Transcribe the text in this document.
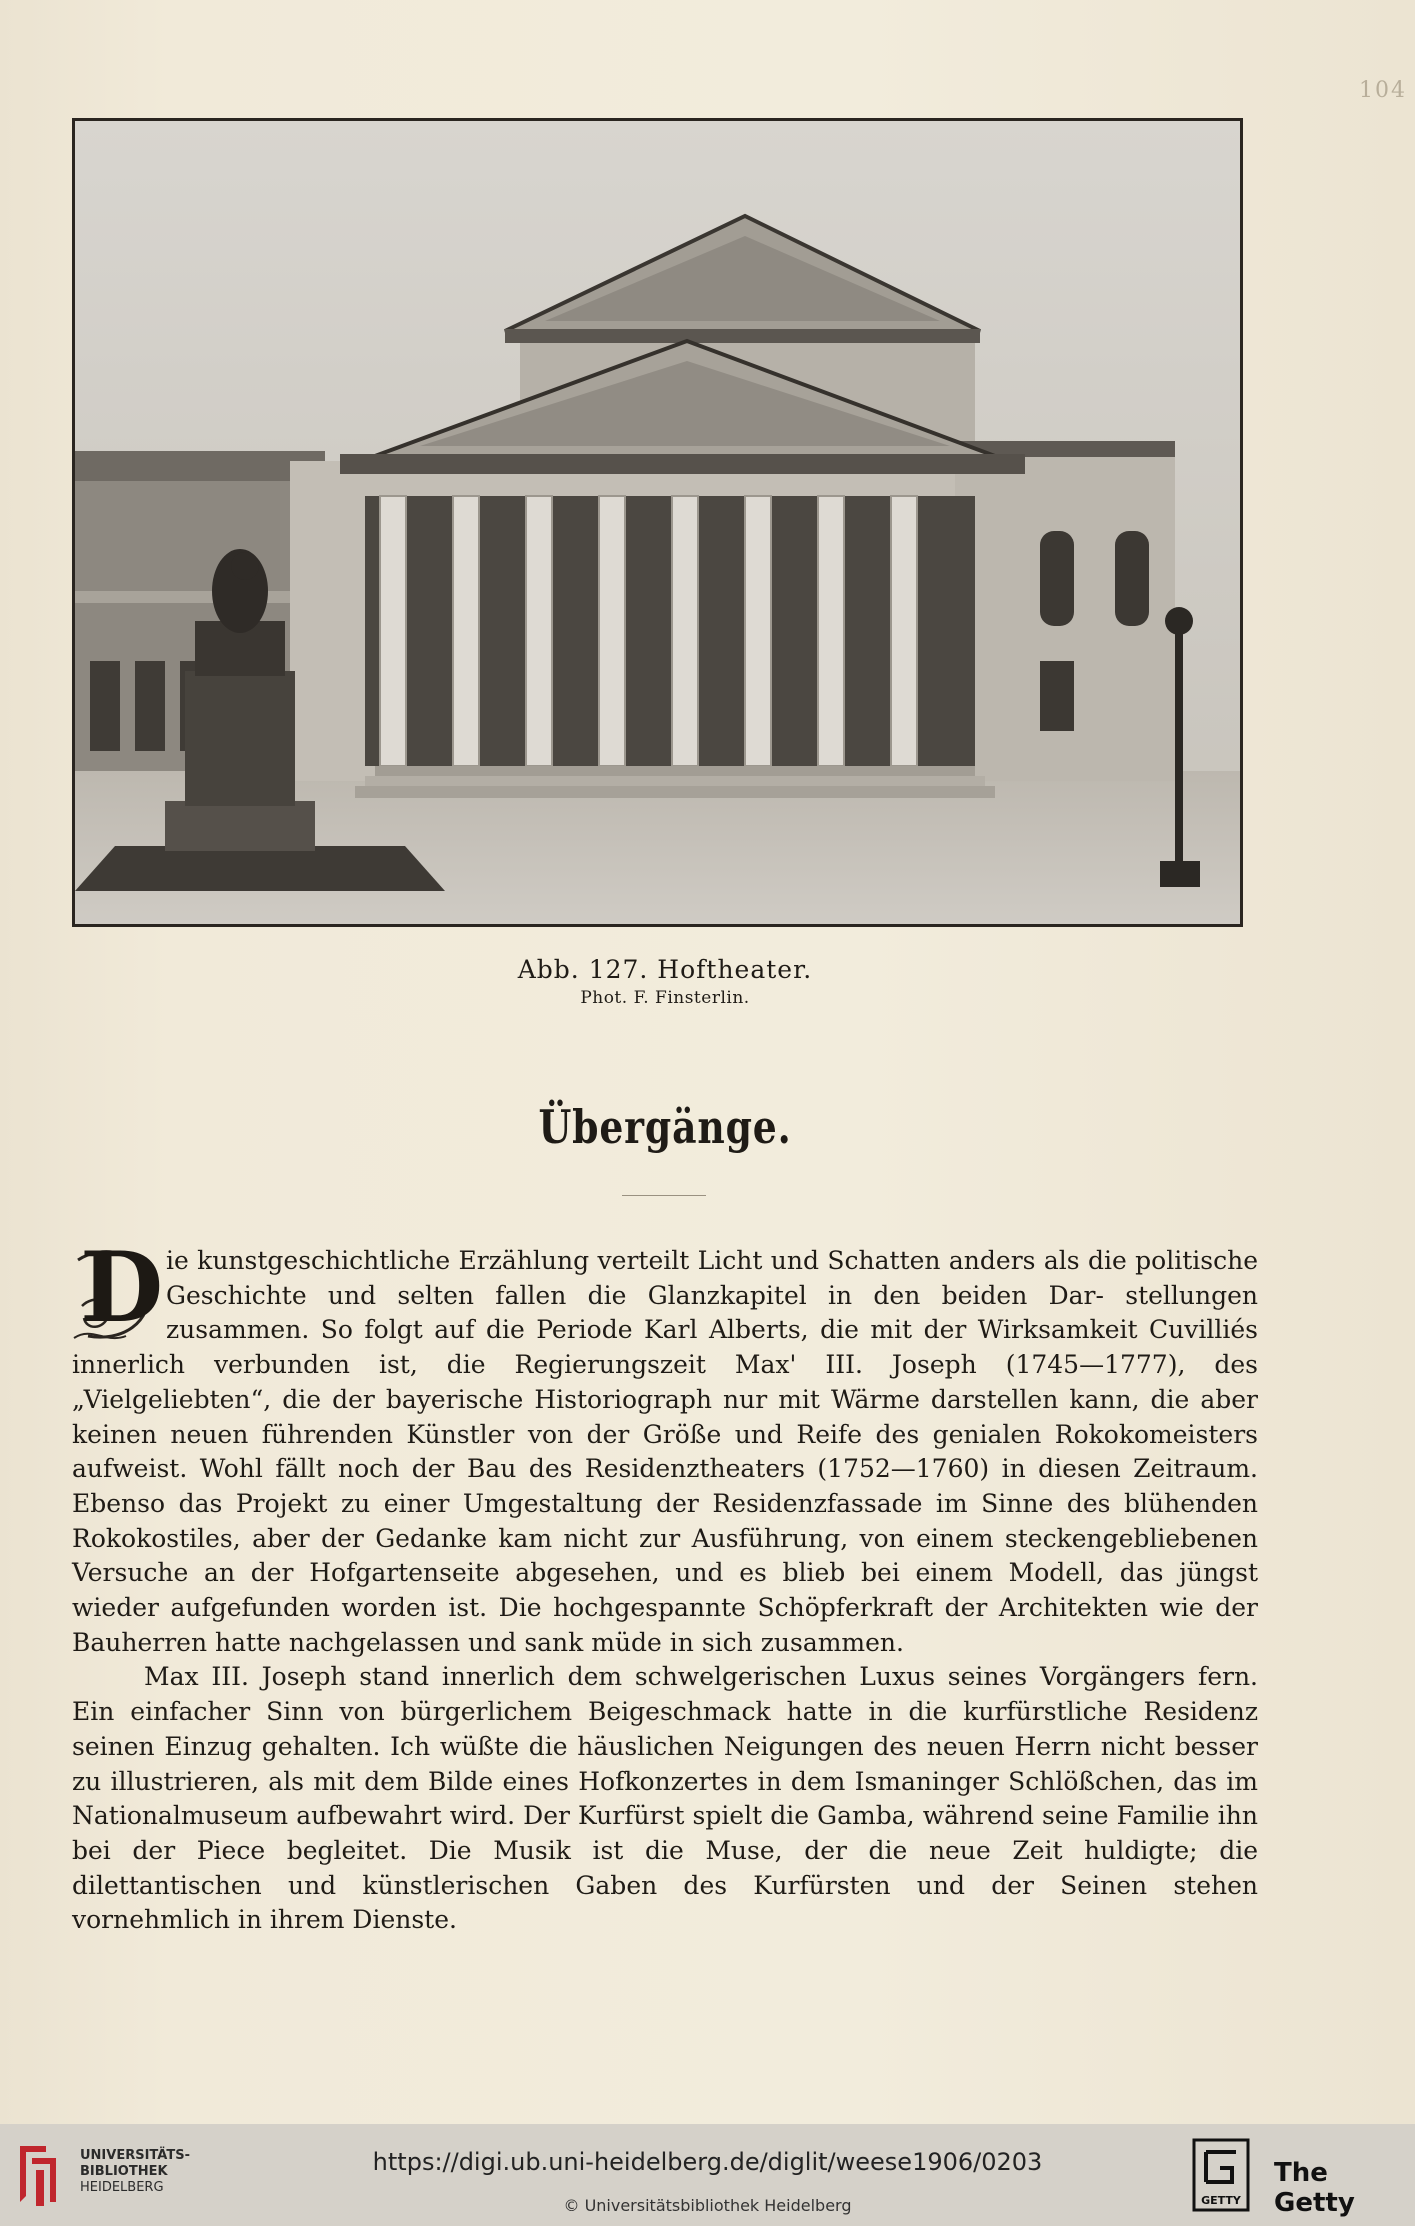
104
Abb. 127. Hoftheater.
Phot. F. Finsterlin.
Übergänge.

D ie kunstgeschichtliche Erzählung verteilt Licht und Schatten anders als die politische Geschichte und selten fallen die Glanzkapitel in den beiden Dar- stellungen zusammen. So folgt auf die Periode Karl Alberts, die mit der Wirksamkeit Cuvilliés innerlich verbunden ist, die Regierungszeit Max' III. Joseph (1745—1777), des „Vielgeliebten“, die der bayerische Historiograph nur mit Wärme darstellen kann, die aber keinen neuen führenden Künstler von der Größe und Reife des genialen Rokokomeisters aufweist. Wohl fällt noch der Bau des Residenztheaters (1752—1760) in diesen Zeitraum. Ebenso das Projekt zu einer Umgestaltung der Residenzfassade im Sinne des blühenden Rokokostiles, aber der Gedanke kam nicht zur Ausführung, von einem steckengebliebenen Versuche an der Hofgartenseite abgesehen, und es blieb bei einem Modell, das jüngst wieder aufgefunden worden ist. Die hochgespannte Schöpferkraft der Architekten wie der Bauherren hatte nachgelassen und sank müde in sich zusammen.

Max III. Joseph stand innerlich dem schwelgerischen Luxus seines Vorgängers fern. Ein einfacher Sinn von bürgerlichem Beigeschmack hatte in die kurfürstliche Residenz seinen Einzug gehalten. Ich wüßte die häuslichen Neigungen des neuen Herrn nicht besser zu illustrieren, als mit dem Bilde eines Hofkonzertes in dem Ismaninger Schlößchen, das im Nationalmuseum aufbewahrt wird. Der Kurfürst spielt die Gamba, während seine Familie ihn bei der Piece begleitet. Die Musik ist die Muse, der die neue Zeit huldigte; die dilettantischen und künstlerischen Gaben des Kurfürsten und der Seinen stehen vornehmlich in ihrem Dienste.

UNIVERSITÄTS-
BIBLIOTHEK
HEIDELBERG
https://digi.ub.uni-heidelberg.de/diglit/weese1906/0203
© Universitätsbibliothek Heidelberg	GETTY
The Getty
